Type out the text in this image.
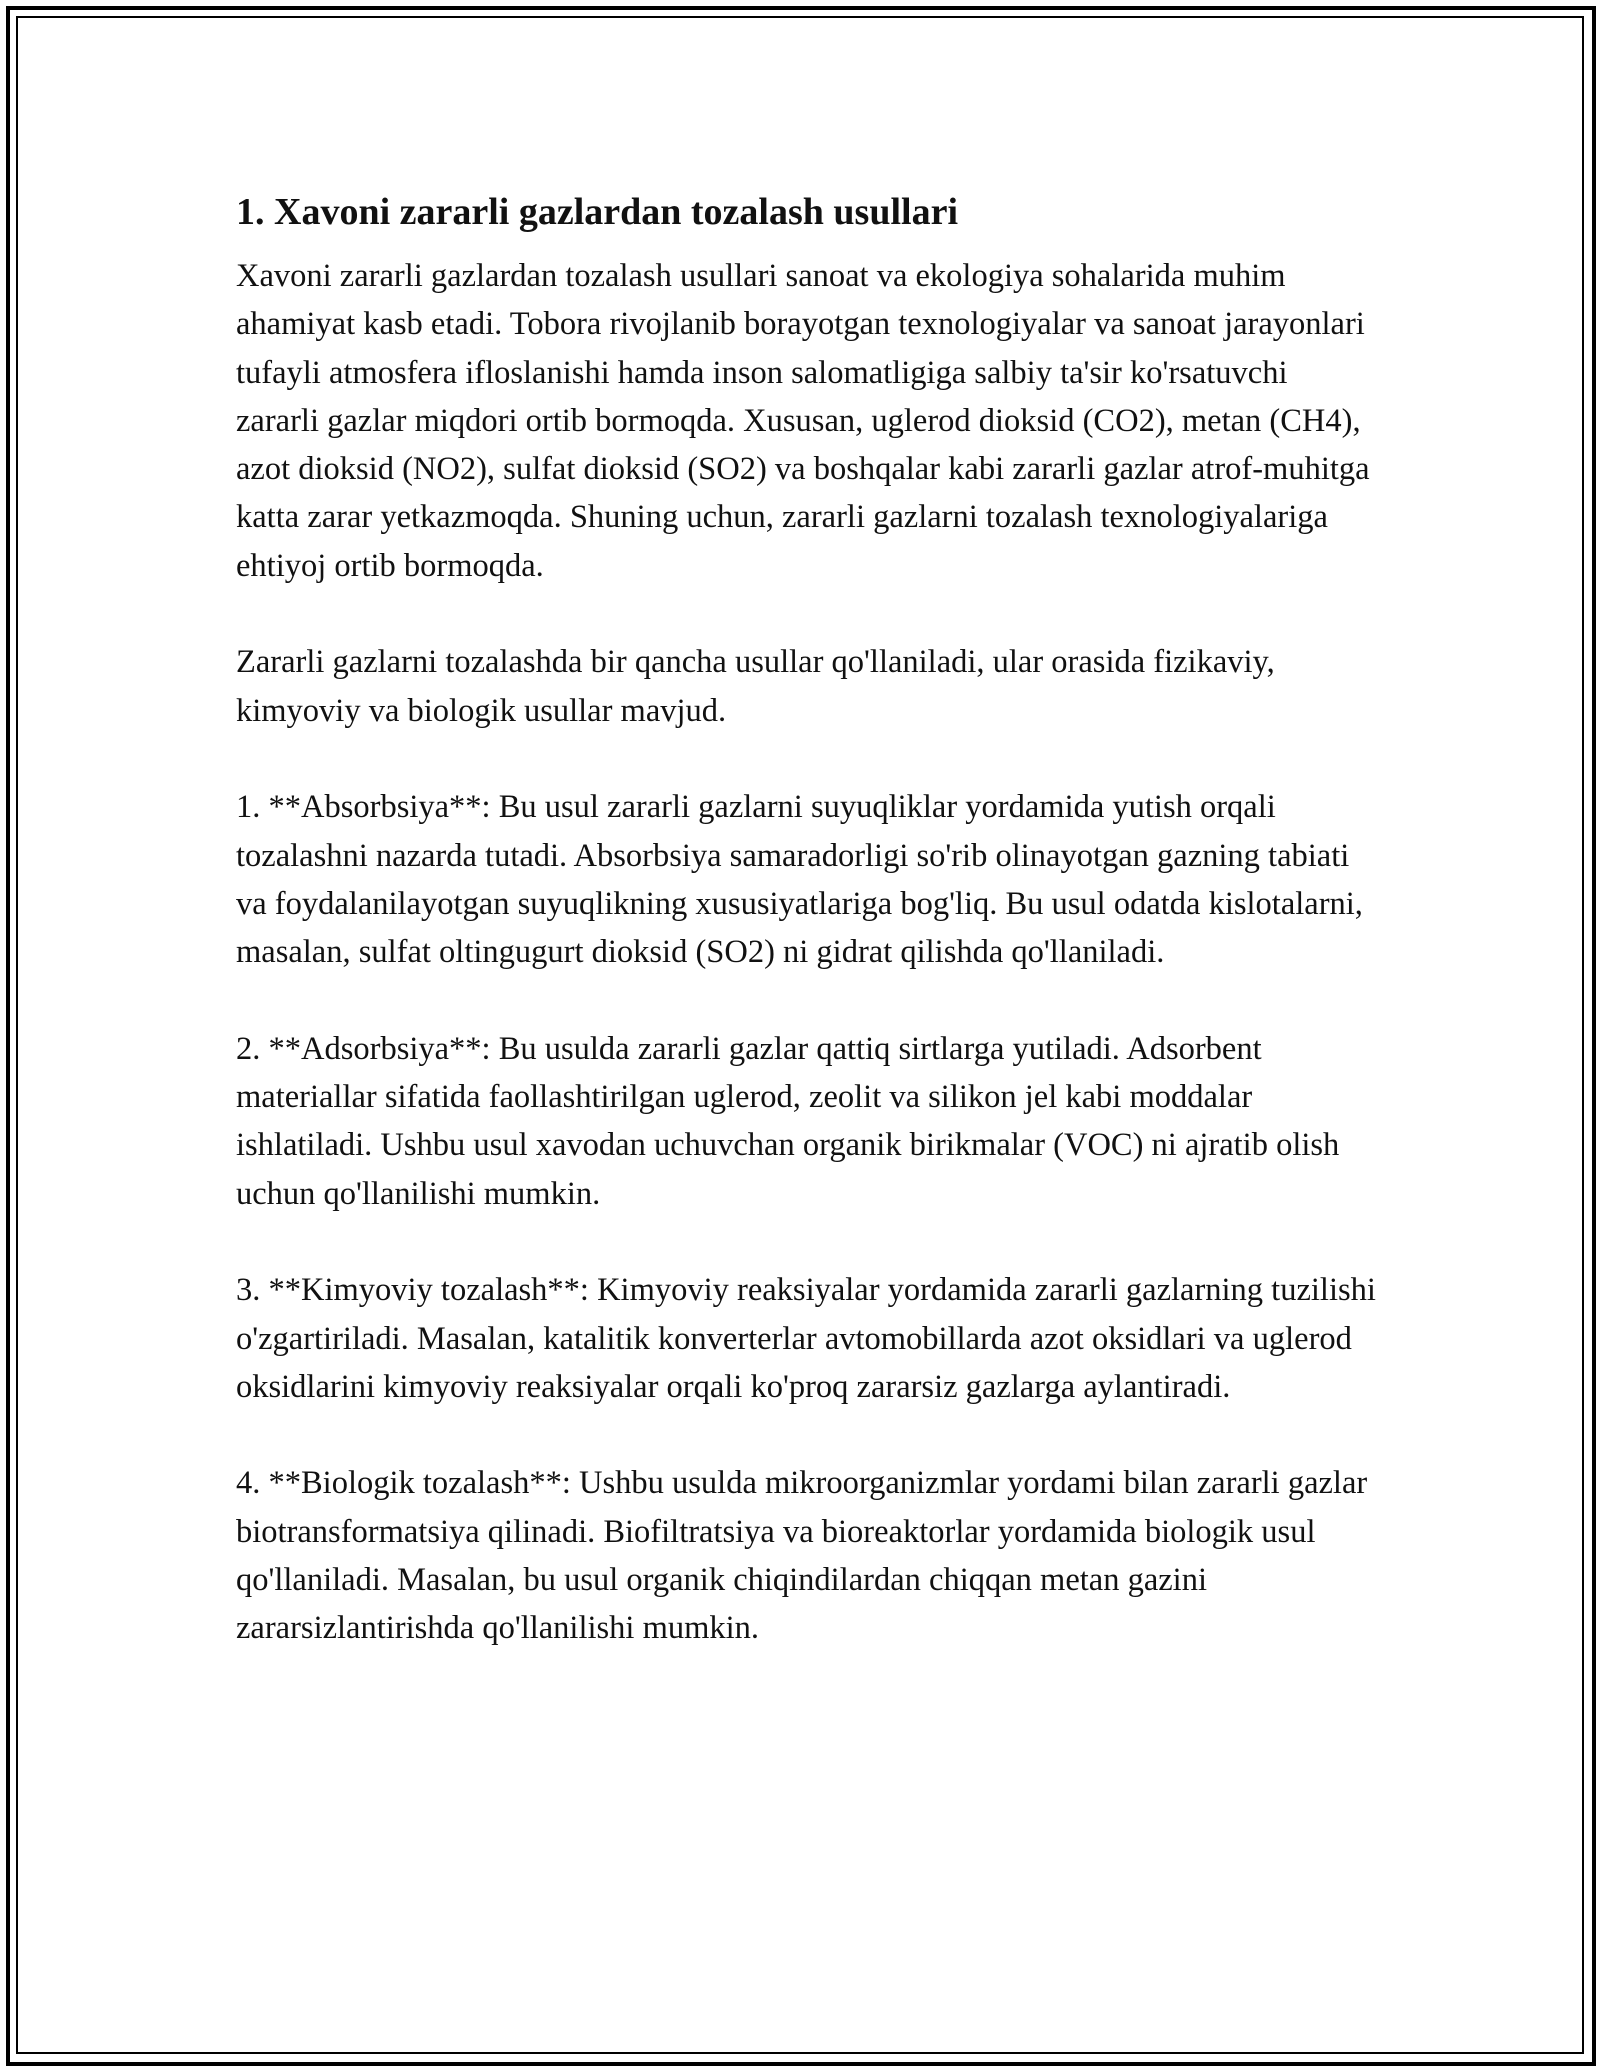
1. Xavoni zararli gazlardan tozalash usullari

Xavoni zararli gazlardan tozalash usullari sanoat va ekologiya sohalarida muhim ahamiyat kasb etadi. Tobora rivojlanib borayotgan texnologiyalar va sanoat jarayonlari tufayli atmosfera ifloslanishi hamda inson salomatligiga salbiy ta'sir ko'rsatuvchi zararli gazlar miqdori ortib bormoqda. Xususan, uglerod dioksid (CO2), metan (CH4), azot dioksid (NO2), sulfat dioksid (SO2) va boshqalar kabi zararli gazlar atrof-muhitga katta zarar yetkazmoqda. Shuning uchun, zararli gazlarni tozalash texnologiyalariga ehtiyoj ortib bormoqda.

Zararli gazlarni tozalashda bir qancha usullar qo'llaniladi, ular orasida fizikaviy, kimyoviy va biologik usullar mavjud.

1. **Absorbsiya**: Bu usul zararli gazlarni suyuqliklar yordamida yutish orqali tozalashni nazarda tutadi. Absorbsiya samaradorligi so'rib olinayotgan gazning tabiati va foydalanilayotgan suyuqlikning xususiyatlariga bog'liq. Bu usul odatda kislotalarni, masalan, sulfat oltingugurt dioksid (SO2) ni gidrat qilishda qo'llaniladi.

2. **Adsorbsiya**: Bu usulda zararli gazlar qattiq sirtlarga yutiladi. Adsorbent materiallar sifatida faollashtirilgan uglerod, zeolit va silikon jel kabi moddalar ishlatiladi. Ushbu usul xavodan uchuvchan organik birikmalar (VOC) ni ajratib olish uchun qo'llanilishi mumkin.

3. **Kimyoviy tozalash**: Kimyoviy reaksiyalar yordamida zararli gazlarning tuzilishi o'zgartiriladi. Masalan, katalitik konverterlar avtomobillarda azot oksidlari va uglerod oksidlarini kimyoviy reaksiyalar orqali ko'proq zararsiz gazlarga aylantiradi.

4. **Biologik tozalash**: Ushbu usulda mikroorganizmlar yordami bilan zararli gazlar biotransformatsiya qilinadi. Biofiltratsiya va bioreaktorlar yordamida biologik usul qo'llaniladi. Masalan, bu usul organik chiqindilardan chiqqan metan gazini zararsizlantirishda qo'llanilishi mumkin.
